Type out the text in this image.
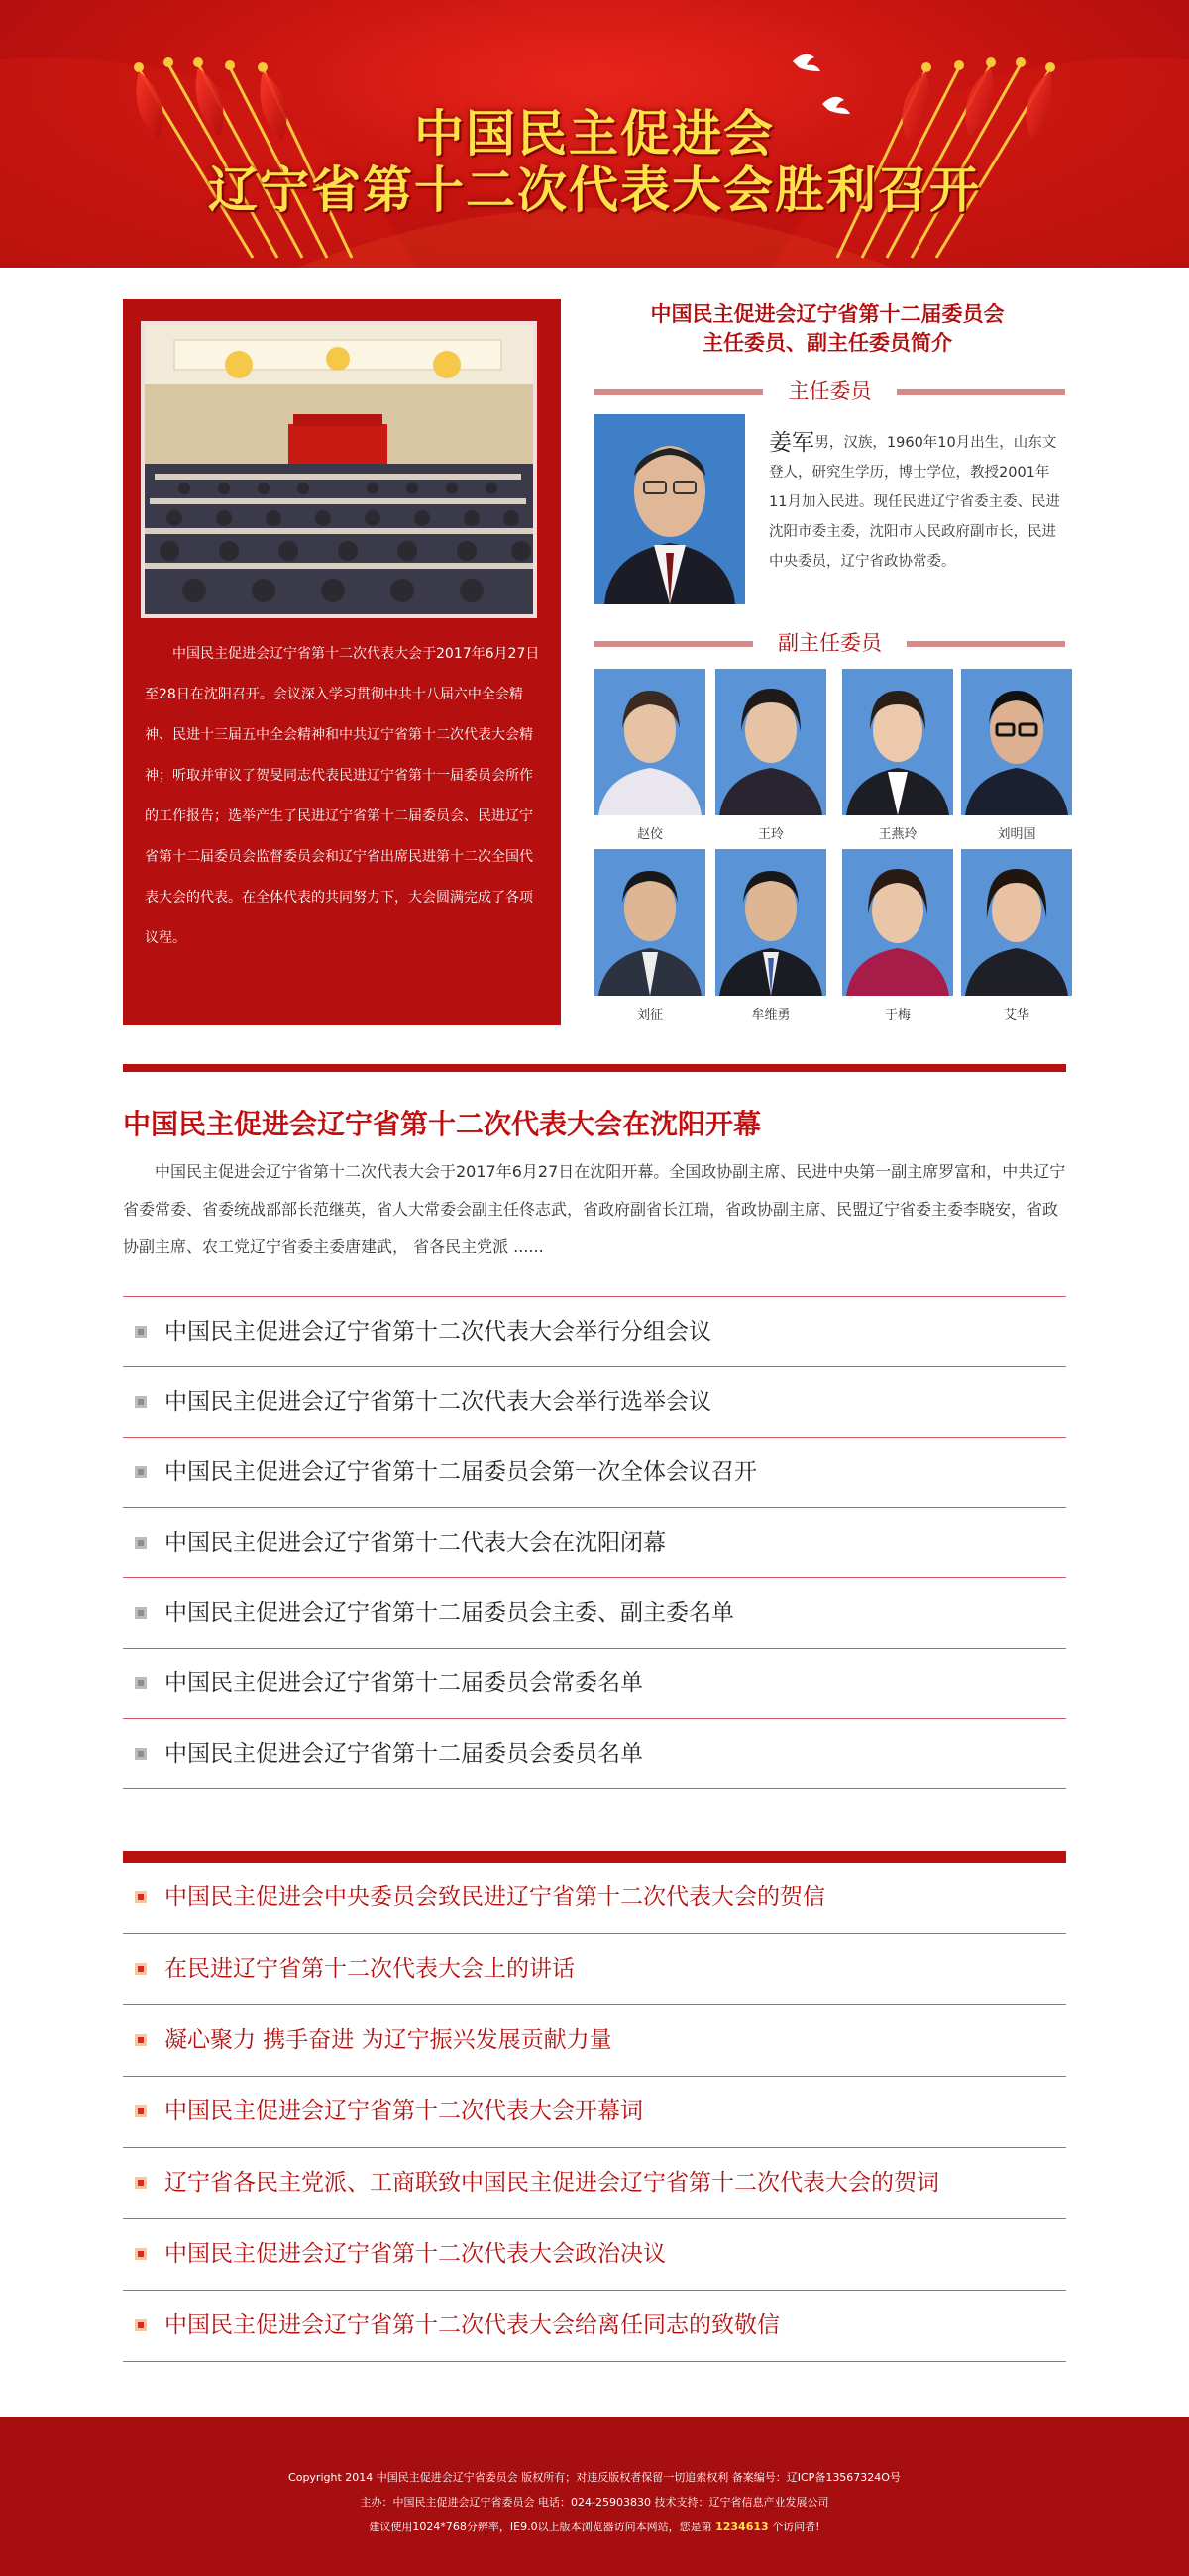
中国民主促进会
辽宁省第十二次代表大会胜利召开
中国民主促进会辽宁省第十二次代表大会于2017年6月27日至28日在沈阳召开。会议深入学习贯彻中共十八届六中全会精神、民进十三届五中全会精神和中共辽宁省第十二次代表大会精神；听取并审议了贺旻同志代表民进辽宁省第十一届委员会所作的工作报告；选举产生了民进辽宁省第十二届委员会、民进辽宁省第十二届委员会监督委员会和辽宁省出席民进第十二次全国代表大会的代表。在全体代表的共同努力下，大会圆满完成了各项议程。
中国民主促进会辽宁省第十二届委员会
主任委员、副主任委员简介
主任委员
姜军 男，汉族，1960年10月出生，山东文登人，研究生学历，博士学位，教授2001年11月加入民进。现任民进辽宁省委主委、民进沈阳市委主委，沈阳市人民政府副市长，民进中央委员，辽宁省政协常委。
副主任委员
赵佼	王玲	王燕玲	刘明国
刘征	牟维勇	于梅	艾华
中国民主促进会辽宁省第十二次代表大会在沈阳开幕
中国民主促进会辽宁省第十二次代表大会于2017年6月27日在沈阳开幕。全国政协副主席、民进中央第一副主席罗富和，中共辽宁省委常委、省委统战部部长范继英，省人大常委会副主任佟志武，省政府副省长江瑞，省政协副主席、民盟辽宁省委主委李晓安，省政协副主席、农工党辽宁省委主委唐建武， 省各民主党派 ......
中国民主促进会辽宁省第十二次代表大会举行分组会议
中国民主促进会辽宁省第十二次代表大会举行选举会议
中国民主促进会辽宁省第十二届委员会第一次全体会议召开
中国民主促进会辽宁省第十二代表大会在沈阳闭幕
中国民主促进会辽宁省第十二届委员会主委、副主委名单
中国民主促进会辽宁省第十二届委员会常委名单
中国民主促进会辽宁省第十二届委员会委员名单
中国民主促进会中央委员会致民进辽宁省第十二次代表大会的贺信
在民进辽宁省第十二次代表大会上的讲话
凝心聚力 携手奋进 为辽宁振兴发展贡献力量
中国民主促进会辽宁省第十二次代表大会开幕词
辽宁省各民主党派、工商联致中国民主促进会辽宁省第十二次代表大会的贺词
中国民主促进会辽宁省第十二次代表大会政治决议
中国民主促进会辽宁省第十二次代表大会给离任同志的致敬信
Copyright 2014 中国民主促进会辽宁省委员会 版权所有；对违反版权者保留一切追索权利 备案编号：辽ICP备13567324O号
主办：中国民主促进会辽宁省委员会 电话：024-25903830 技术支持：辽宁省信息产业发展公司
建议使用1024*768分辨率，IE9.0以上版本浏览器访问本网站，您是第 1234613 个访问者!
